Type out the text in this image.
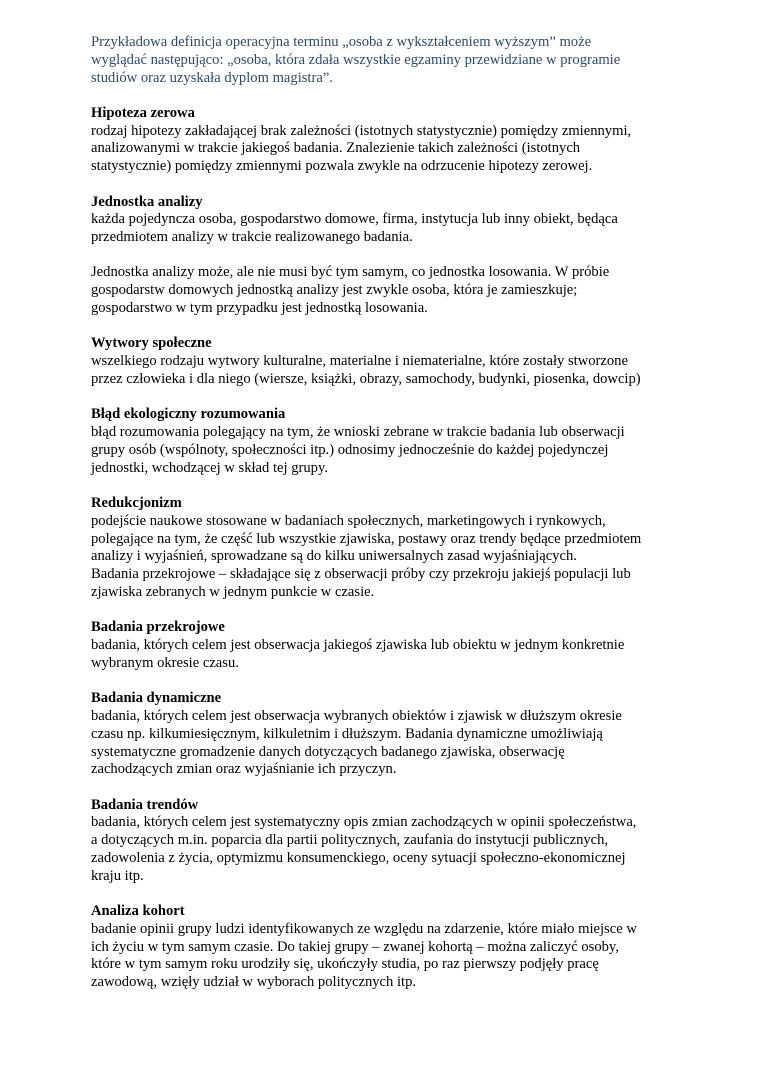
Przykładowa definicja operacyjna terminu „osoba z wykształceniem wyższym” może
wyglądać następująco: „osoba, która zdała wszystkie egzaminy przewidziane w programie
studiów oraz uzyskała dyplom magistra”.

Hipoteza zerowa

rodzaj hipotezy zakładającej brak zależności (istotnych statystycznie) pomiędzy zmiennymi,
analizowanymi w trakcie jakiegoś badania. Znalezienie takich zależności (istotnych
statystycznie) pomiędzy zmiennymi pozwala zwykle na odrzucenie hipotezy zerowej.

Jednostka analizy

każda pojedyncza osoba, gospodarstwo domowe, firma, instytucja lub inny obiekt, będąca
przedmiotem analizy w trakcie realizowanego badania.

Jednostka analizy może, ale nie musi być tym samym, co jednostka losowania. W próbie
gospodarstw domowych jednostką analizy jest zwykle osoba, która je zamieszkuje;
gospodarstwo w tym przypadku jest jednostką losowania.

Wytwory społeczne

wszelkiego rodzaju wytwory kulturalne, materialne i niematerialne, które zostały stworzone
przez człowieka i dla niego (wiersze, książki, obrazy, samochody, budynki, piosenka, dowcip)

Błąd ekologiczny rozumowania

błąd rozumowania polegający na tym, że wnioski zebrane w trakcie badania lub obserwacji
grupy osób (wspólnoty, społeczności itp.) odnosimy jednocześnie do każdej pojedynczej
jednostki, wchodzącej w skład tej grupy.

Redukcjonizm

podejście naukowe stosowane w badaniach społecznych, marketingowych i rynkowych,
polegające na tym, że część lub wszystkie zjawiska, postawy oraz trendy będące przedmiotem
analizy i wyjaśnień, sprowadzane są do kilku uniwersalnych zasad wyjaśniających.
Badania przekrojowe – składające się z obserwacji próby czy przekroju jakiejś populacji lub
zjawiska zebranych w jednym punkcie w czasie.

Badania przekrojowe

badania, których celem jest obserwacja jakiegoś zjawiska lub obiektu w jednym konkretnie
wybranym okresie czasu.

Badania dynamiczne

badania, których celem jest obserwacja wybranych obiektów i zjawisk w dłuższym okresie
czasu np. kilkumiesięcznym, kilkuletnim i dłuższym. Badania dynamiczne umożliwiają
systematyczne gromadzenie danych dotyczących badanego zjawiska, obserwację
zachodzących zmian oraz wyjaśnianie ich przyczyn.

Badania trendów

badania, których celem jest systematyczny opis zmian zachodzących w opinii społeczeństwa,
a dotyczących m.in. poparcia dla partii politycznych, zaufania do instytucji publicznych,
zadowolenia z życia, optymizmu konsumenckiego, oceny sytuacji społeczno-ekonomicznej
kraju itp.

Analiza kohort

badanie opinii grupy ludzi identyfikowanych ze względu na zdarzenie, które miało miejsce w
ich życiu w tym samym czasie. Do takiej grupy – zwanej kohortą – można zaliczyć osoby,
które w tym samym roku urodziły się, ukończyły studia, po raz pierwszy podjęły pracę
zawodową, wzięły udział w wyborach politycznych itp.
